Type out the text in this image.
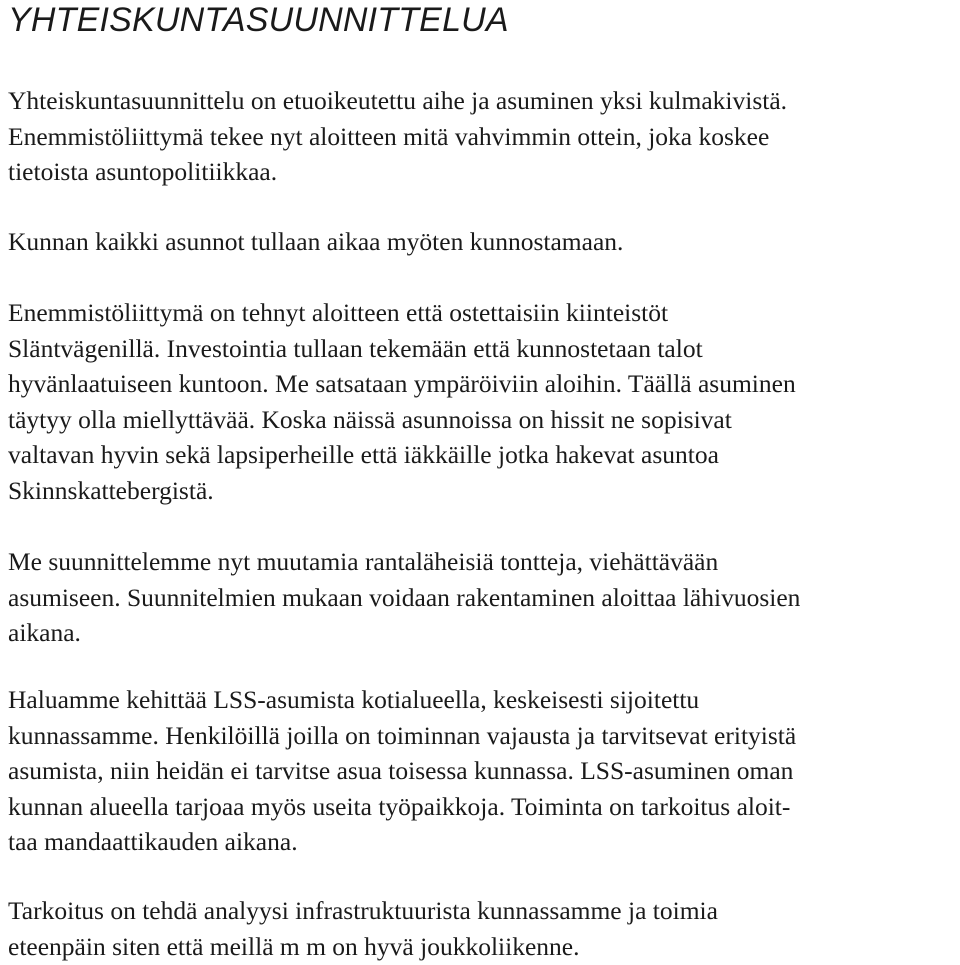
YHTEISKUNTASUUNNITTELUA

Yhteiskuntasuunnittelu on etuoikeutettu aihe ja asuminen yksi kulmakivistä.
Enemmistöliittymä tekee nyt aloitteen mitä vahvimmin ottein, joka koskee
tietoista asuntopolitiikkaa.

Kunnan kaikki asunnot tullaan aikaa myöten kunnostamaan.

Enemmistöliittymä on tehnyt aloitteen että ostettaisiin kiinteistöt
Släntvägenillä. Investointia tullaan tekemään että kunnostetaan talot
hyvänlaatuiseen kuntoon. Me satsataan ympäröiviin aloihin. Täällä asuminen
täytyy olla miellyttävää. Koska näissä asunnoissa on hissit ne sopisivat
valtavan hyvin sekä lapsiperheille että iäkkäille jotka hakevat asuntoa
Skinnskattebergistä.

Me suunnittelemme nyt muutamia rantaläheisiä tontteja, viehättävään
asumiseen. Suunnitelmien mukaan voidaan rakentaminen aloittaa lähivuosien
aikana.

Haluamme kehittää LSS-asumista kotialueella, keskeisesti sijoitettu
kunnassamme. Henkilöillä joilla on toiminnan vajausta ja tarvitsevat erityistä
asumista, niin heidän ei tarvitse asua toisessa kunnassa. LSS-asuminen oman
kunnan alueella tarjoaa myös useita työpaikkoja. Toiminta on tarkoitus aloit-
taa mandaattikauden aikana.

Tarkoitus on tehdä analyysi infrastruktuurista kunnassamme ja toimia
eteenpäin siten että meillä m m on hyvä joukkoliikenne.
